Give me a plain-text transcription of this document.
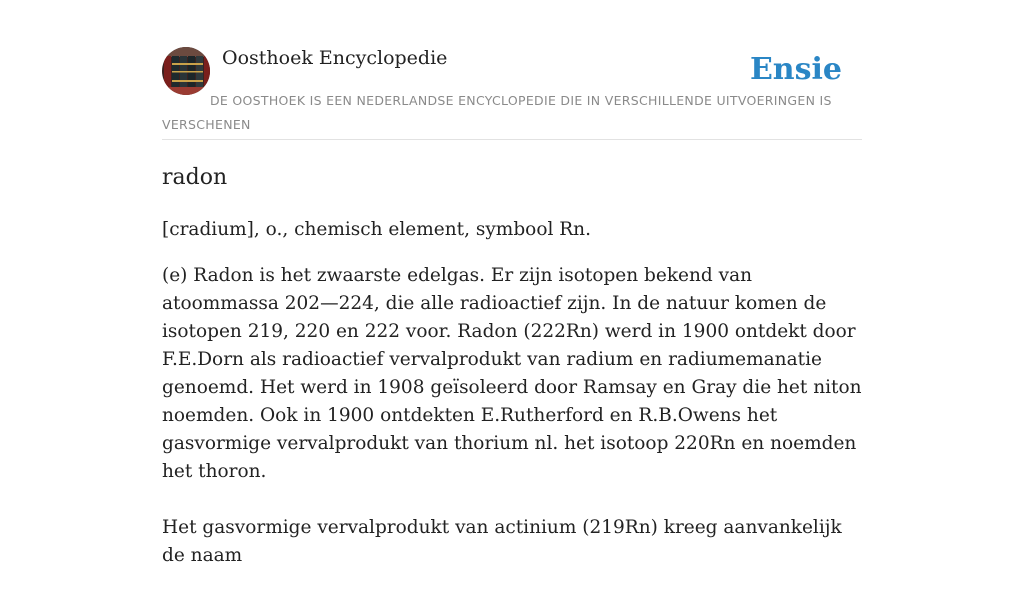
Oosthoek Encyclopedie	Ensie
DE OOSTHOEK IS EEN NEDERLANDSE ENCYCLOPEDIE DIE IN VERSCHILLENDE UITVOERINGEN IS VERSCHENEN
radon

[cradium], o., chemisch element, symbool Rn.

(e) Radon is het zwaarste edelgas. Er zijn isotopen bekend van atoommassa 202—224, die alle radioactief zijn. In de natuur komen de isotopen 219, 220 en 222 voor. Radon (222Rn) werd in 1900 ontdekt door F.E.Dorn als radioactief vervalprodukt van radium en radiumemanatie genoemd. Het werd in 1908 geïsoleerd door Ramsay en Gray die het niton noemden. Ook in 1900 ontdekten E.Rutherford en R.B.Owens het gasvormige vervalprodukt van thorium nl. het isotoop 220Rn en noemden het thoron.

Het gasvormige vervalprodukt van actinium (219Rn) kreeg aanvankelijk de naam
